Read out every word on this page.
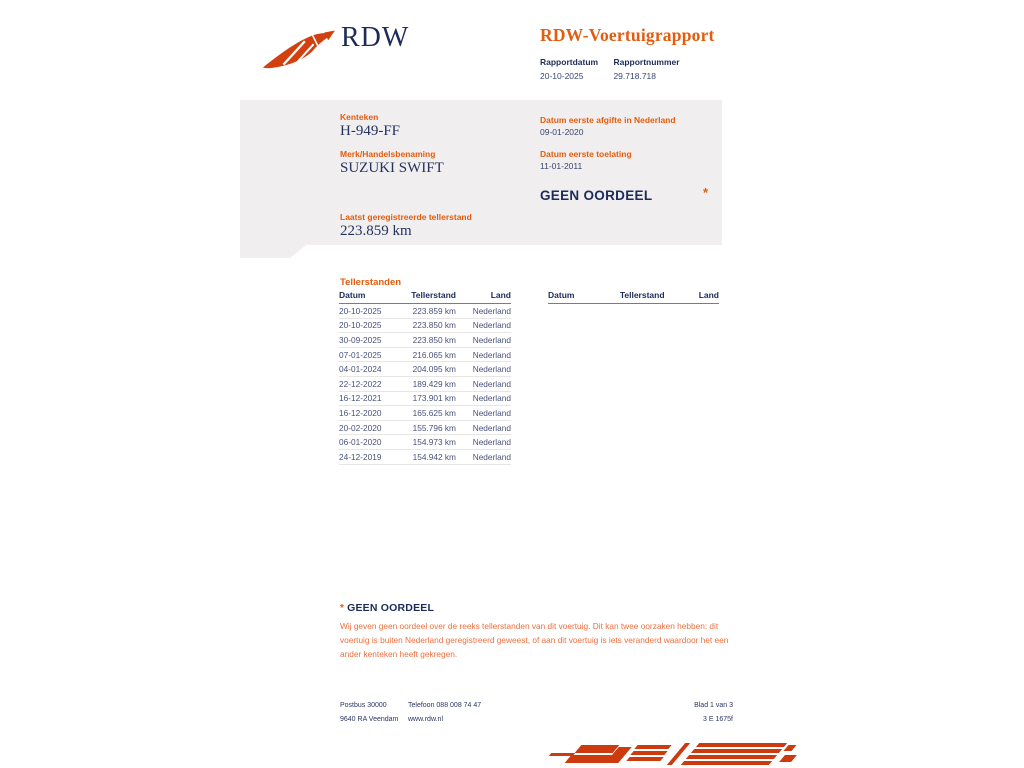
RDW	RDW-Voertuigrapport
Rapportdatum
20-10-2025

Rapportnummer
29.718.718
Kenteken
H-949-FF
Merk/Handelsbenaming
SUZUKI SWIFT
Laatst geregistreerde tellerstand
223.859 km
Datum eerste afgifte in Nederland
09-01-2020
Datum eerste toelating
11-01-2011
GEEN OORDEEL	*
Tellerstanden
Datum	Tellerstand	Land
20-10-2025	223.859 km	Nederland
20-10-2025	223.850 km	Nederland
30-09-2025	223.850 km	Nederland
07-01-2025	216.065 km	Nederland
04-01-2024	204.095 km	Nederland
22-12-2022	189.429 km	Nederland
16-12-2021	173.901 km	Nederland
16-12-2020	165.625 km	Nederland
20-02-2020	155.796 km	Nederland
06-01-2020	154.973 km	Nederland
24-12-2019	154.942 km	Nederland
Datum	Tellerstand	Land
* GEEN OORDEEL
Wij geven geen oordeel over de reeks tellerstanden van dit voertuig. Dit kan twee oorzaken hebben: dit voertuig is buiten Nederland geregistreerd geweest, of aan dit voertuig is iets veranderd waardoor het een ander kenteken heeft gekregen.
Postbus 30000
9640 RA Veendam
Telefoon 088 008 74 47
www.rdw.nl
Blad 1 van 3
3 E 1675f
